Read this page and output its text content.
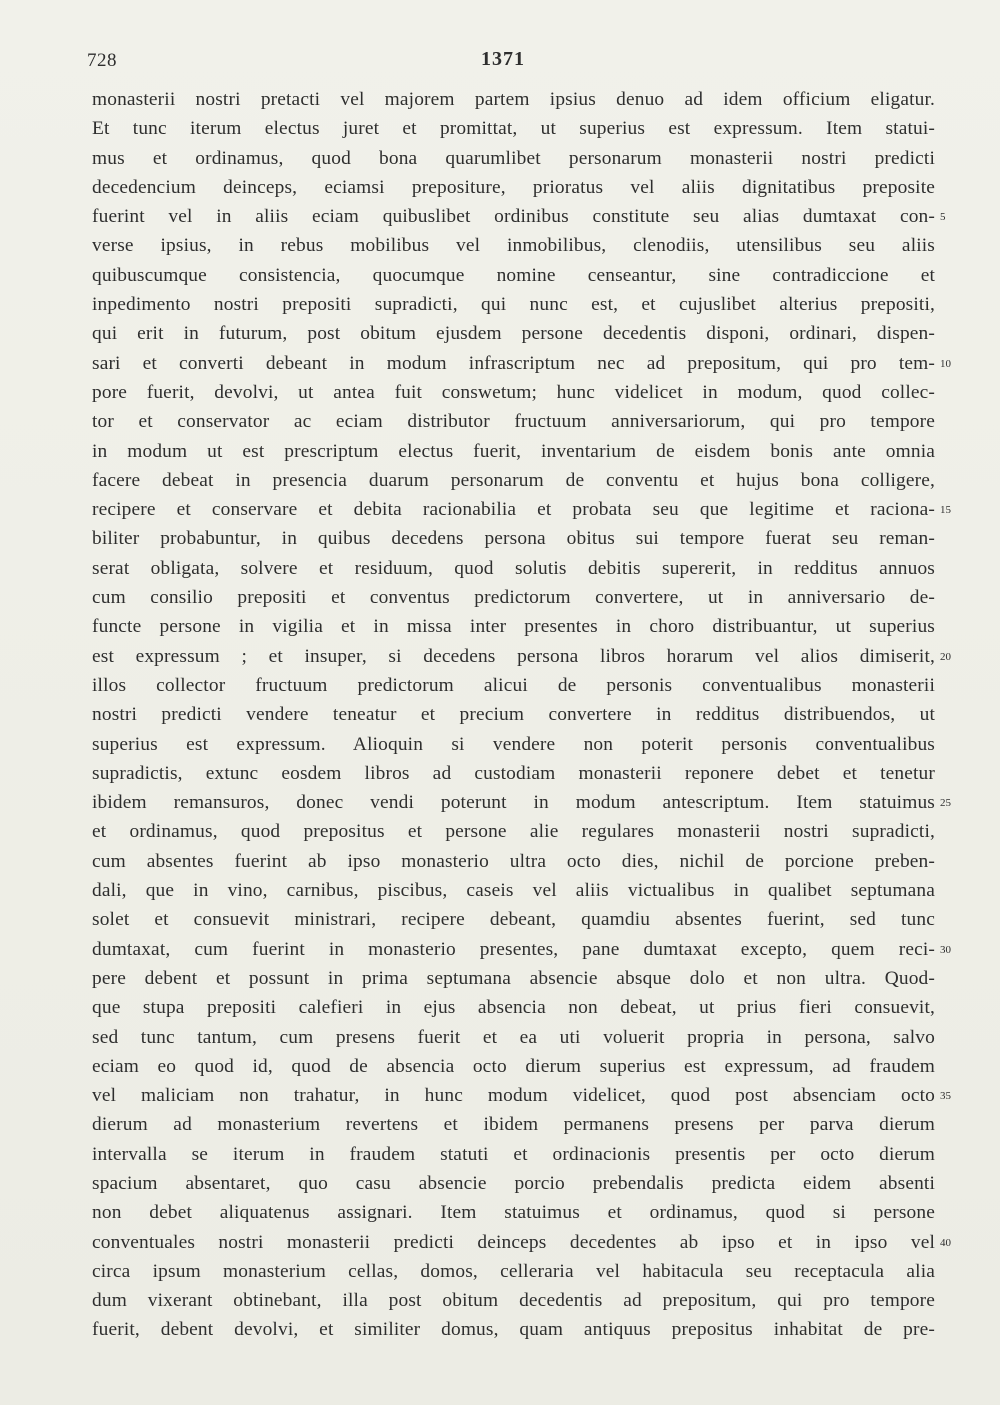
728	1371
monasterii nostri pretacti vel majorem partem ipsius denuo ad idem officium eligatur.
Et tunc iterum electus juret et promittat, ut superius est expressum. Item statui-
mus et ordinamus, quod bona quarumlibet personarum monasterii nostri predicti
decedencium deinceps, eciamsi prepositure, prioratus vel aliis dignitatibus preposite
fuerint vel in aliis eciam quibuslibet ordinibus constitute seu alias dumtaxat con-
verse ipsius, in rebus mobilibus vel inmobilibus, clenodiis, utensilibus seu aliis
quibuscumque consistencia, quocumque nomine censeantur, sine contradiccione et
inpedimento nostri prepositi supradicti, qui nunc est, et cujuslibet alterius prepositi,
qui erit in futurum, post obitum ejusdem persone decedentis disponi, ordinari, dispen-
sari et converti debeant in modum infrascriptum nec ad prepositum, qui pro tem-
pore fuerit, devolvi, ut antea fuit conswetum; hunc videlicet in modum, quod collec-
tor et conservator ac eciam distributor fructuum anniversariorum, qui pro tempore
in modum ut est prescriptum electus fuerit, inventarium de eisdem bonis ante omnia
facere debeat in presencia duarum personarum de conventu et hujus bona colligere,
recipere et conservare et debita racionabilia et probata seu que legitime et raciona-
biliter probabuntur, in quibus decedens persona obitus sui tempore fuerat seu reman-
serat obligata, solvere et residuum, quod solutis debitis supererit, in redditus annuos
cum consilio prepositi et conventus predictorum convertere, ut in anniversario de-
functe persone in vigilia et in missa inter presentes in choro distribuantur, ut superius
est expressum ; et insuper, si decedens persona libros horarum vel alios dimiserit,
illos collector fructuum predictorum alicui de personis conventualibus monasterii
nostri predicti vendere teneatur et precium convertere in redditus distribuendos, ut
superius est expressum. Alioquin si vendere non poterit personis conventualibus
supradictis, extunc eosdem libros ad custodiam monasterii reponere debet et tenetur
ibidem remansuros, donec vendi poterunt in modum antescriptum. Item statuimus
et ordinamus, quod prepositus et persone alie regulares monasterii nostri supradicti,
cum absentes fuerint ab ipso monasterio ultra octo dies, nichil de porcione preben-
dali, que in vino, carnibus, piscibus, caseis vel aliis victualibus in qualibet septumana
solet et consuevit ministrari, recipere debeant, quamdiu absentes fuerint, sed tunc
dumtaxat, cum fuerint in monasterio presentes, pane dumtaxat excepto, quem reci-
pere debent et possunt in prima septumana absencie absque dolo et non ultra. Quod-
que stupa prepositi calefieri in ejus absencia non debeat, ut prius fieri consuevit,
sed tunc tantum, cum presens fuerit et ea uti voluerit propria in persona, salvo
eciam eo quod id, quod de absencia octo dierum superius est expressum, ad fraudem
vel maliciam non trahatur, in hunc modum videlicet, quod post absenciam octo
dierum ad monasterium revertens et ibidem permanens presens per parva dierum
intervalla se iterum in fraudem statuti et ordinacionis presentis per octo dierum
spacium absentaret, quo casu absencie porcio prebendalis predicta eidem absenti
non debet aliquatenus assignari. Item statuimus et ordinamus, quod si persone
conventuales nostri monasterii predicti deinceps decedentes ab ipso et in ipso vel
circa ipsum monasterium cellas, domos, celleraria vel habitacula seu receptacula alia
dum vixerant obtinebant, illa post obitum decedentis ad prepositum, qui pro tempore
fuerit, debent devolvi, et similiter domus, quam antiquus prepositus inhabitat de pre-
5
10
15
20
25
30
35
40
